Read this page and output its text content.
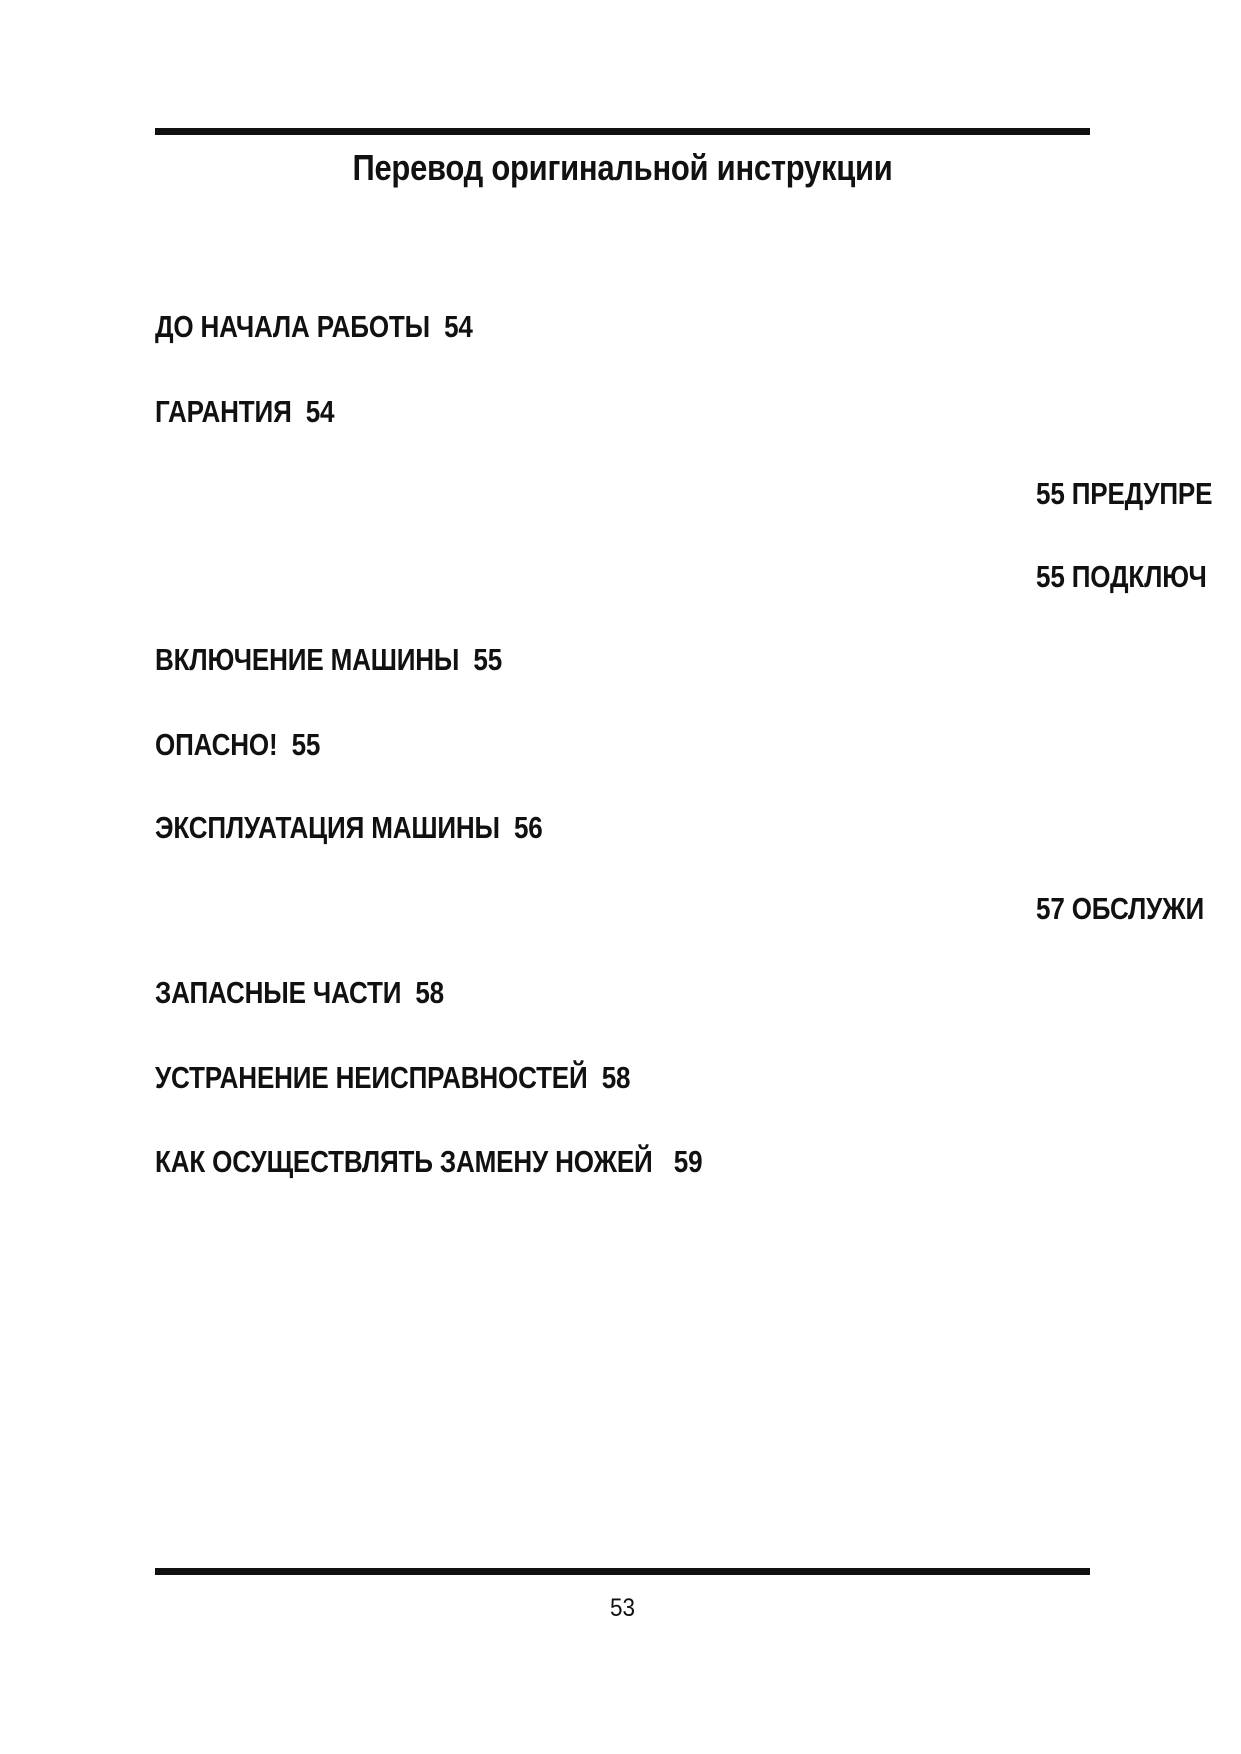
Перевод оригинальной инструкции
ДО НАЧАЛА РАБОТЫ  54
ГАРАНТИЯ  54
55 ПРЕДУПРЕ
55 ПОДКЛЮЧ
ВКЛЮЧЕНИЕ МАШИНЫ  55
ОПАСНО!  55
ЭКСПЛУАТАЦИЯ МАШИНЫ  56
57 ОБСЛУЖИ
ЗАПАСНЫЕ ЧАСТИ  58
УСТРАНЕНИЕ НЕИСПРАВНОСТЕЙ  58
КАК ОСУЩЕСТВЛЯТЬ ЗАМЕНУ НОЖЕЙ   59
53
